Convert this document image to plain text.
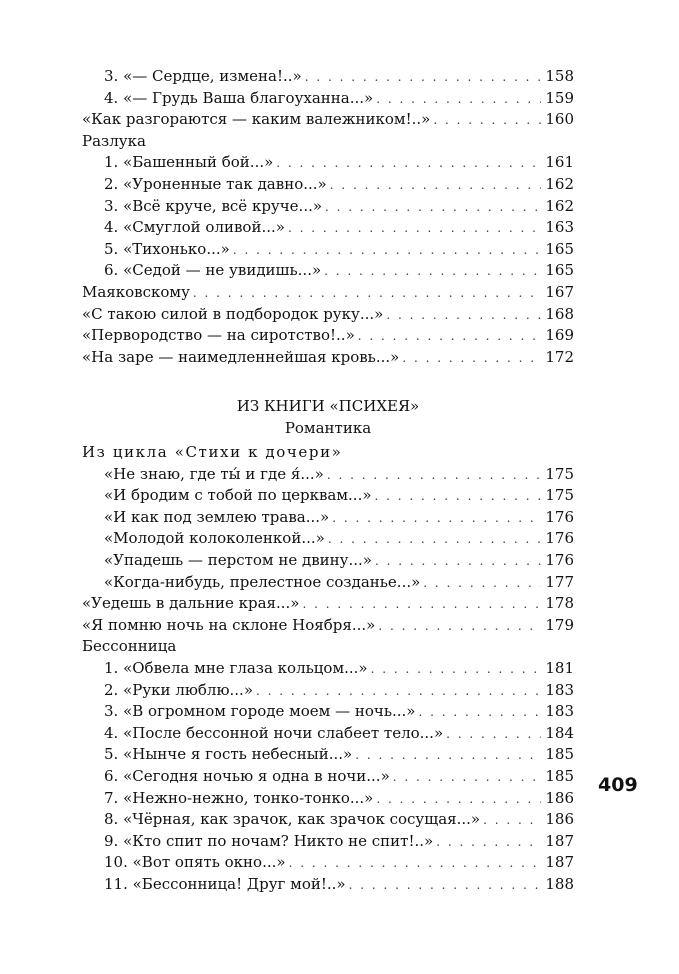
3. «— Сердце, измена!..» . . .	158
4. «— Грудь Ваша благоуханна...» . . .	159
«Как разгораются — каким валежником!..» . . .	160
Разлука
1. «Башенный бой...» . . .	161
2. «Уроненные так давно...» . . .	162
3. «Всё круче, всё круче...» . . .	162
4. «Смуглой оливой...» . . .	163
5. «Тихонько...» . . .	165
6. «Седой — не увидишь...» . . .	165
Маяковскому . . .	167
«С такою силой в подбородок руку...» . . .	168
«Первородство — на сиротство!..» . . .	169
«На заре — наимедленнейшая кровь...» . . .	172
ИЗ КНИГИ «ПСИХЕЯ»
Романтика
Из цикла «Стихи к дочери»
«Не знаю, где ты́ и где я́...» . . .	175
«И бродим с тобой по церквам...» . . .	175
«И как под землею трава...» . . .	176
«Молодой колоколенкой...» . . .	176
«Упадешь — перстом не двину...» . . .	176
«Когда-нибудь, прелестное созданье...» . . .	177
«Уедешь в дальние края...» . . .	178
«Я помню ночь на склоне Ноября...» . . .	179
Бессонница
1. «Обвела мне глаза кольцом...» . . .	181
2. «Руки люблю...» . . .	183
3. «В огромном городе моем — ночь...» . . .	183
4. «После бессонной ночи слабеет тело...» . . .	184
5. «Нынче я гость небесный...» . . .	185
6. «Сегодня ночью я одна в ночи...» . . .	185
7. «Нежно-нежно, тонко-тонко...» . . .	186
8. «Чёрная, как зрачок, как зрачок сосущая...» . . .	186
9. «Кто спит по ночам? Никто не спит!..» . . .	187
10. «Вот опять окно...» . . .	187
11. «Бессонница! Друг мой!..» . . .	188
409
